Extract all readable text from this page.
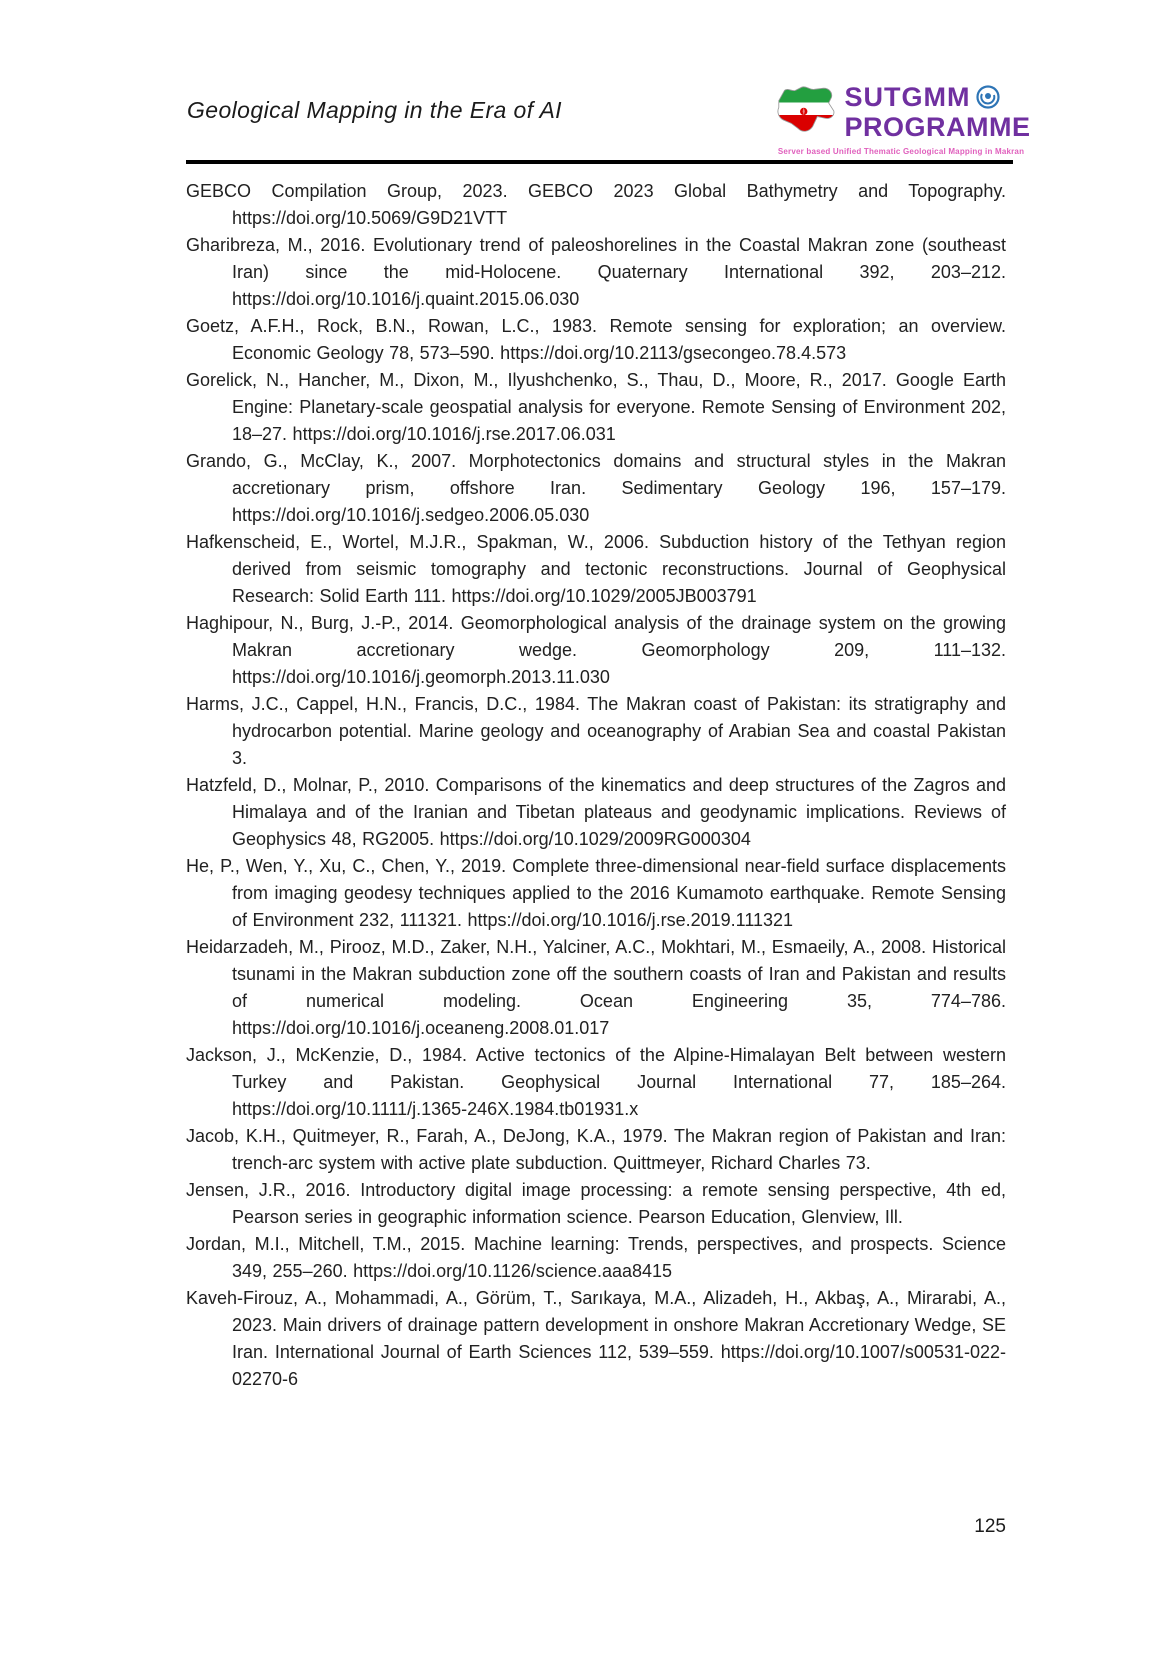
Geological Mapping in the Era of AI	SUTGMM
PROGRAMME
Server based Unified Thematic Geological Mapping in Makran

GEBCO Compilation Group, 2023. GEBCO 2023 Global Bathymetry and Topography. https://doi.org/10.5069/G9D21VTT

Gharibreza, M., 2016. Evolutionary trend of paleoshorelines in the Coastal Makran zone (southeast Iran) since the mid-Holocene. Quaternary International 392, 203–212. https://doi.org/10.1016/j.quaint.2015.06.030

Goetz, A.F.H., Rock, B.N., Rowan, L.C., 1983. Remote sensing for exploration; an overview. Economic Geology 78, 573–590. https://doi.org/10.2113/gsecongeo.78.4.573

Gorelick, N., Hancher, M., Dixon, M., Ilyushchenko, S., Thau, D., Moore, R., 2017. Google Earth Engine: Planetary-scale geospatial analysis for everyone. Remote Sensing of Environment 202, 18–27. https://doi.org/10.1016/j.rse.2017.06.031

Grando, G., McClay, K., 2007. Morphotectonics domains and structural styles in the Makran accretionary prism, offshore Iran. Sedimentary Geology 196, 157–179. https://doi.org/10.1016/j.sedgeo.2006.05.030

Hafkenscheid, E., Wortel, M.J.R., Spakman, W., 2006. Subduction history of the Tethyan region derived from seismic tomography and tectonic reconstructions. Journal of Geophysical Research: Solid Earth 111. https://doi.org/10.1029/2005JB003791

Haghipour, N., Burg, J.-P., 2014. Geomorphological analysis of the drainage system on the growing Makran accretionary wedge. Geomorphology 209, 111–132. https://doi.org/10.1016/j.geomorph.2013.11.030

Harms, J.C., Cappel, H.N., Francis, D.C., 1984. The Makran coast of Pakistan: its stratigraphy and hydrocarbon potential. Marine geology and oceanography of Arabian Sea and coastal Pakistan 3.

Hatzfeld, D., Molnar, P., 2010. Comparisons of the kinematics and deep structures of the Zagros and Himalaya and of the Iranian and Tibetan plateaus and geodynamic implications. Reviews of Geophysics 48, RG2005. https://doi.org/10.1029/2009RG000304

He, P., Wen, Y., Xu, C., Chen, Y., 2019. Complete three-dimensional near-field surface displacements from imaging geodesy techniques applied to the 2016 Kumamoto earthquake. Remote Sensing of Environment 232, 111321. https://doi.org/10.1016/j.rse.2019.111321

Heidarzadeh, M., Pirooz, M.D., Zaker, N.H., Yalciner, A.C., Mokhtari, M., Esmaeily, A., 2008. Historical tsunami in the Makran subduction zone off the southern coasts of Iran and Pakistan and results of numerical modeling. Ocean Engineering 35, 774–786. https://doi.org/10.1016/j.oceaneng.2008.01.017

Jackson, J., McKenzie, D., 1984. Active tectonics of the Alpine-Himalayan Belt between western Turkey and Pakistan. Geophysical Journal International 77, 185–264. https://doi.org/10.1111/j.1365-246X.1984.tb01931.x

Jacob, K.H., Quitmeyer, R., Farah, A., DeJong, K.A., 1979. The Makran region of Pakistan and Iran: trench-arc system with active plate subduction. Quittmeyer, Richard Charles 73.

Jensen, J.R., 2016. Introductory digital image processing: a remote sensing perspective, 4th ed, Pearson series in geographic information science. Pearson Education, Glenview, Ill.

Jordan, M.I., Mitchell, T.M., 2015. Machine learning: Trends, perspectives, and prospects. Science 349, 255–260. https://doi.org/10.1126/science.aaa8415

Kaveh-Firouz, A., Mohammadi, A., Görüm, T., Sarıkaya, M.A., Alizadeh, H., Akbaş, A., Mirarabi, A., 2023. Main drivers of drainage pattern development in onshore Makran Accretionary Wedge, SE Iran. International Journal of Earth Sciences 112, 539–559. https://doi.org/10.1007/s00531-022-02270-6

125
